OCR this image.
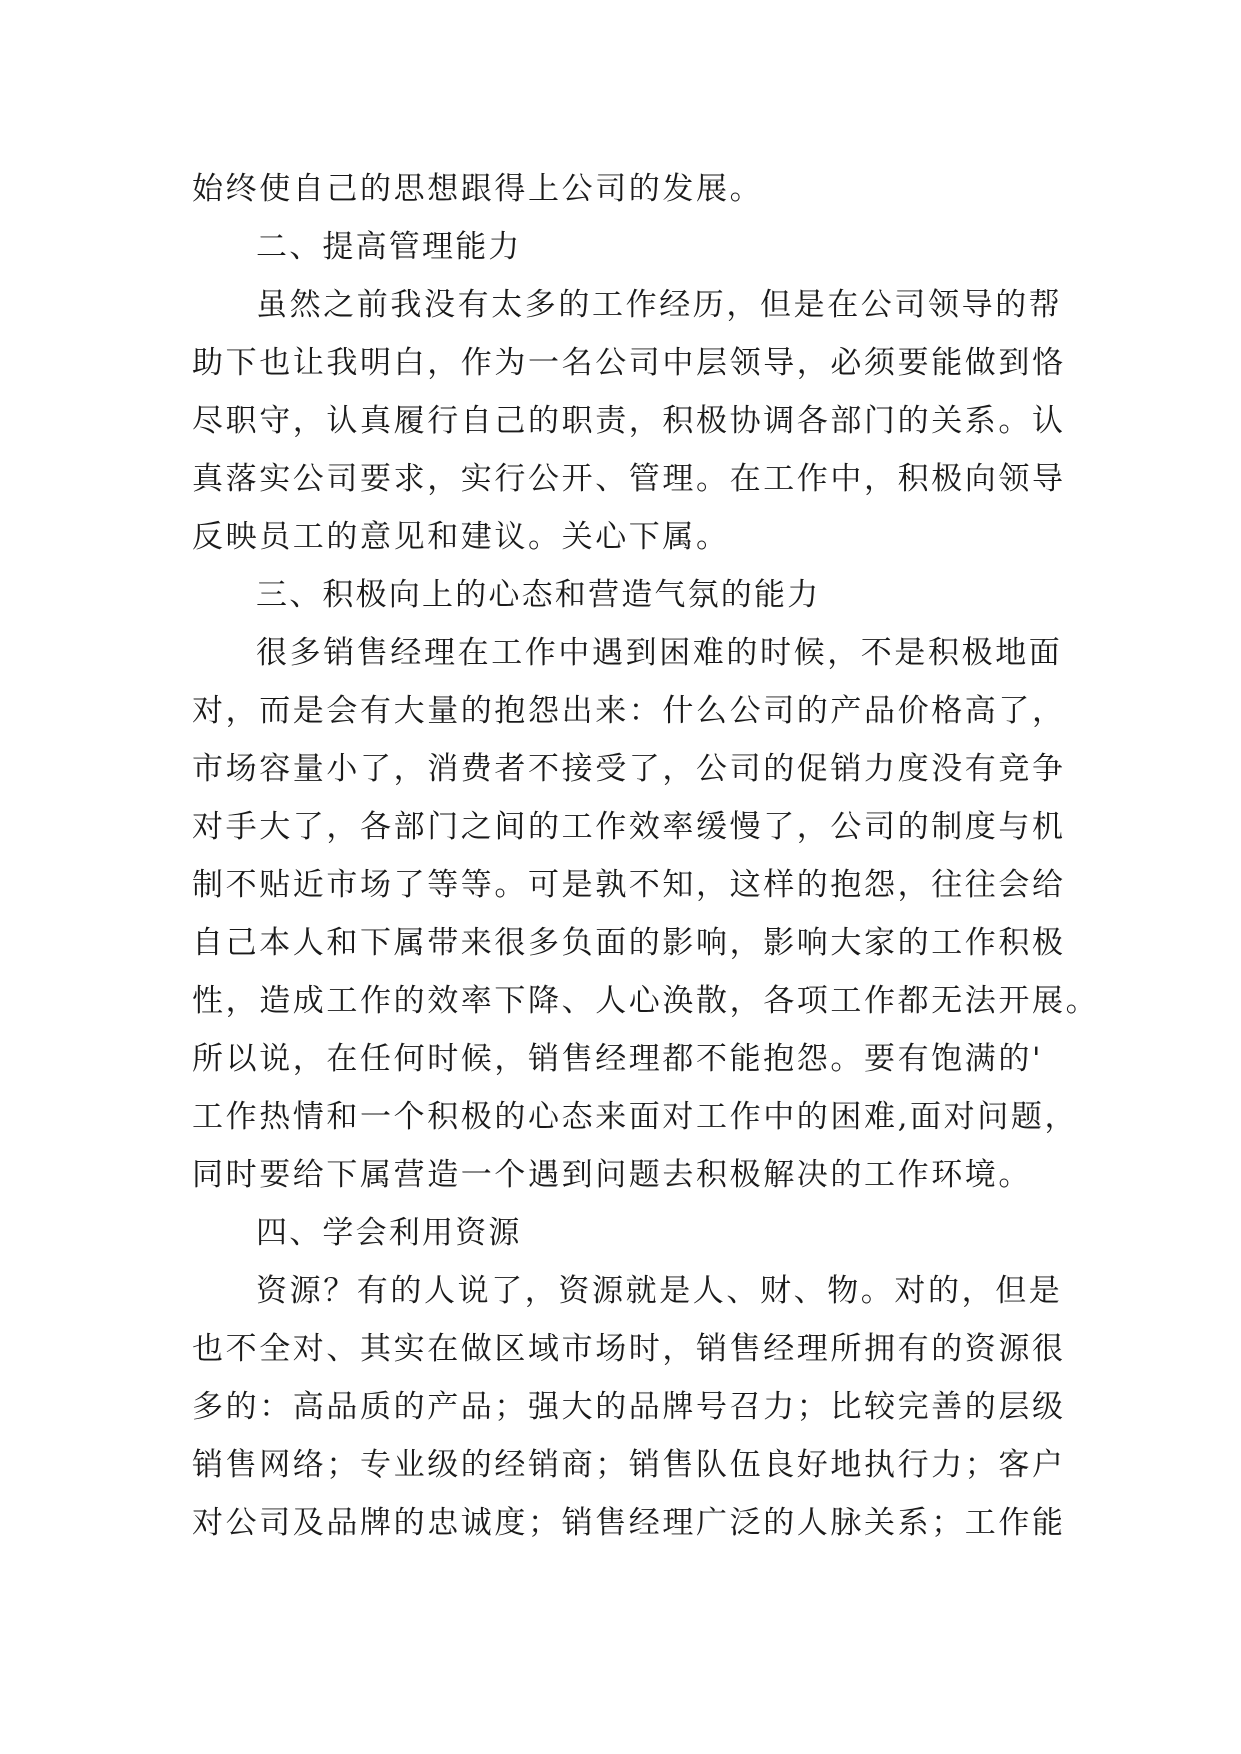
始终使自己的思想跟得上公司的发展。
二、提高管理能力
虽然之前我没有太多的工作经历，但是在公司领导的帮
助下也让我明白，作为一名公司中层领导，必须要能做到恪
尽职守，认真履行自己的职责，积极协调各部门的关系。认
真落实公司要求，实行公开、管理。在工作中，积极向领导
反映员工的意见和建议。关心下属。
三、积极向上的心态和营造气氛的能力
很多销售经理在工作中遇到困难的时候，不是积极地面
对，而是会有大量的抱怨出来：什么公司的产品价格高了，
市场容量小了，消费者不接受了，公司的促销力度没有竞争
对手大了，各部门之间的工作效率缓慢了，公司的制度与机
制不贴近市场了等等。可是孰不知，这样的抱怨，往往会给
自己本人和下属带来很多负面的影响，影响大家的工作积极
性，造成工作的效率下降、人心涣散，各项工作都无法开展。
所以说，在任何时候，销售经理都不能抱怨。要有饱满的'
工作热情和一个积极的心态来面对工作中的困难,面对问题，
同时要给下属营造一个遇到问题去积极解决的工作环境。
四、学会利用资源
资源？有的人说了，资源就是人、财、物。对的，但是
也不全对、其实在做区域市场时，销售经理所拥有的资源很
多的：高品质的产品；强大的品牌号召力；比较完善的层级
销售网络；专业级的经销商；销售队伍良好地执行力；客户
对公司及品牌的忠诚度；销售经理广泛的人脉关系；工作能
